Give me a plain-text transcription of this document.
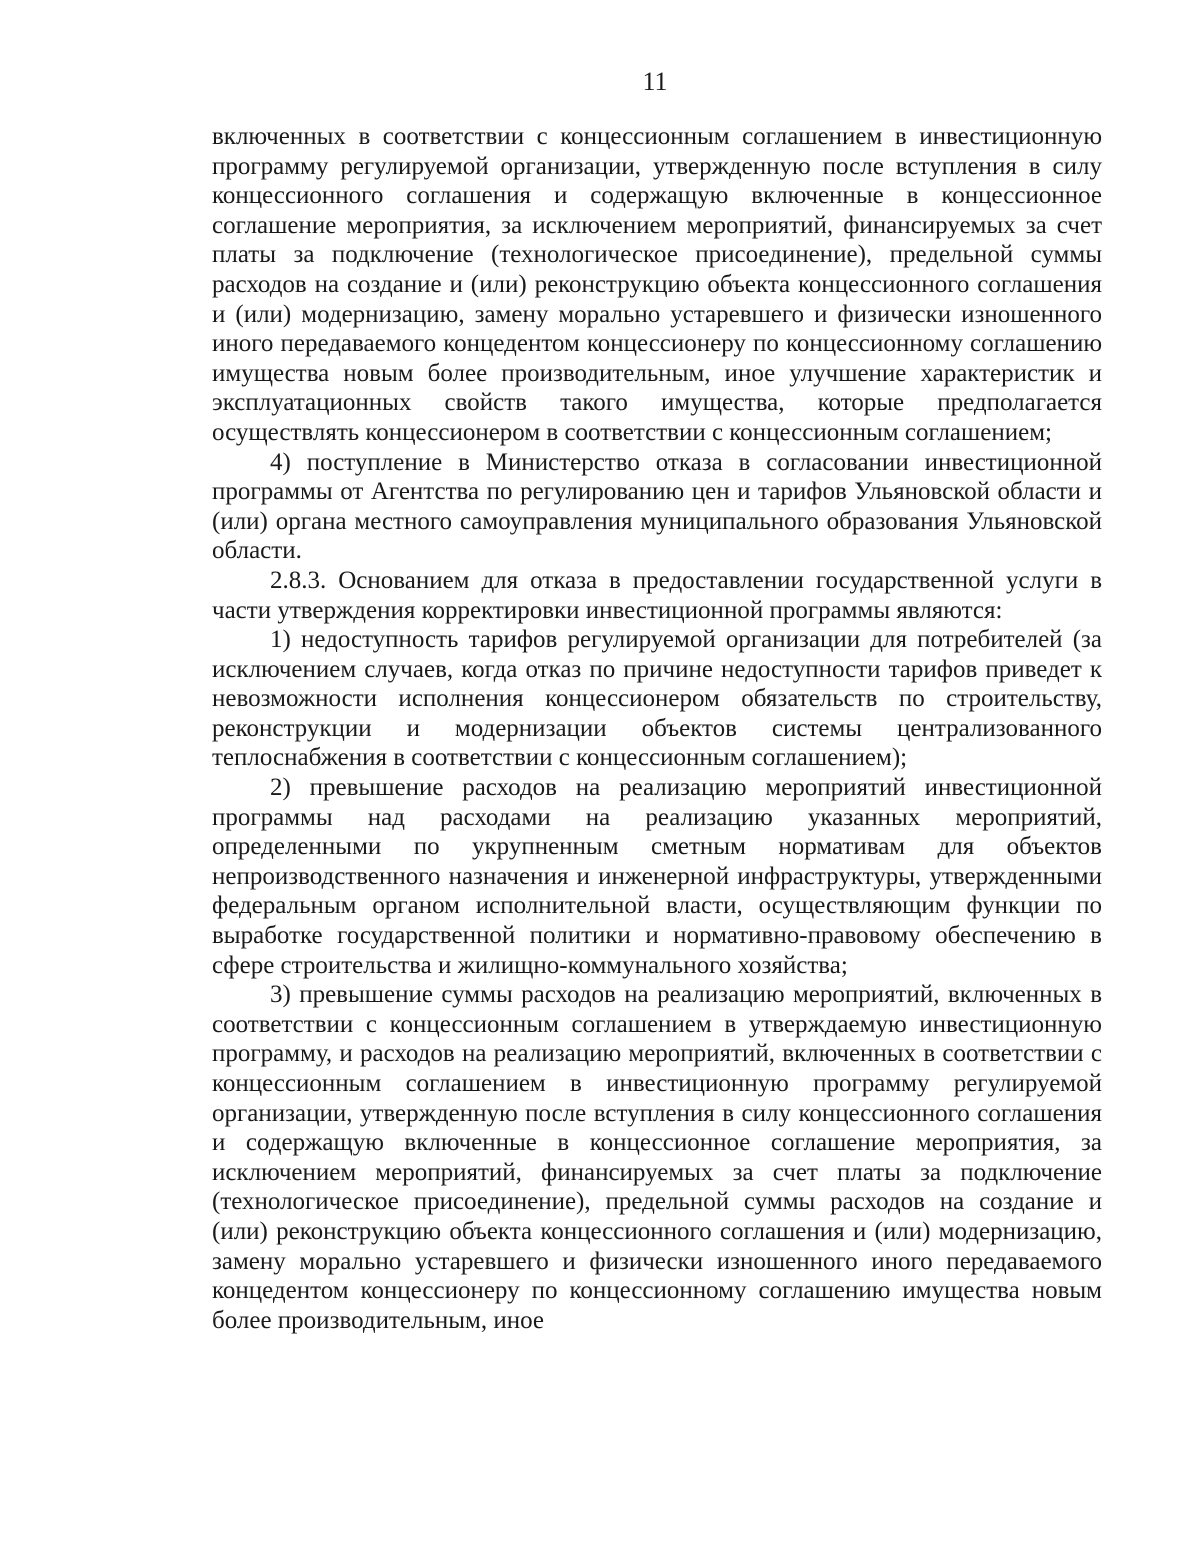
11

включенных в соответствии с концессионным соглашением в инвестиционную программу регулируемой организации, утвержденную после вступления в силу концессионного соглашения и содержащую включенные в концессионное соглашение мероприятия, за исключением мероприятий, финансируемых за счет платы за подключение (технологическое присоединение), предельной суммы расходов на создание и (или) реконструкцию объекта концессионного соглашения и (или) модернизацию, замену морально устаревшего и физически изношенного иного передаваемого концедентом концессионеру по концессионному соглашению имущества новым более производительным, иное улучшение характеристик и эксплуатационных свойств такого имущества, которые предполагается осуществлять концессионером в соответствии с концессионным соглашением;

4) поступление в Министерство отказа в согласовании инвестиционной программы от Агентства по регулированию цен и тарифов Ульяновской области и (или) органа местного самоуправления муниципального образования Ульяновской области.

2.8.3. Основанием для отказа в предоставлении государственной услуги в части утверждения корректировки инвестиционной программы являются:

1) недоступность тарифов регулируемой организации для потребителей (за исключением случаев, когда отказ по причине недоступности тарифов приведет к невозможности исполнения концессионером обязательств по строительству, реконструкции и модернизации объектов системы централизованного теплоснабжения в соответствии с концессионным соглашением);

2) превышение расходов на реализацию мероприятий инвестиционной программы над расходами на реализацию указанных мероприятий, определенными по укрупненным сметным нормативам для объектов непроизводственного назначения и инженерной инфраструктуры, утвержденными федеральным органом исполнительной власти, осуществляющим функции по выработке государственной политики и нормативно-правовому обеспечению в сфере строительства и жилищно-коммунального хозяйства;

3) превышение суммы расходов на реализацию мероприятий, включенных в соответствии с концессионным соглашением в утверждаемую инвестиционную программу, и расходов на реализацию мероприятий, включенных в соответствии с концессионным соглашением в инвестиционную программу регулируемой организации, утвержденную после вступления в силу концессионного соглашения и содержащую включенные в концессионное соглашение мероприятия, за исключением мероприятий, финансируемых за счет платы за подключение (технологическое присоединение), предельной суммы расходов на создание и (или) реконструкцию объекта концессионного соглашения и (или) модернизацию, замену морально устаревшего и физически изношенного иного передаваемого концедентом концессионеру по концессионному соглашению имущества новым более производительным, иное
